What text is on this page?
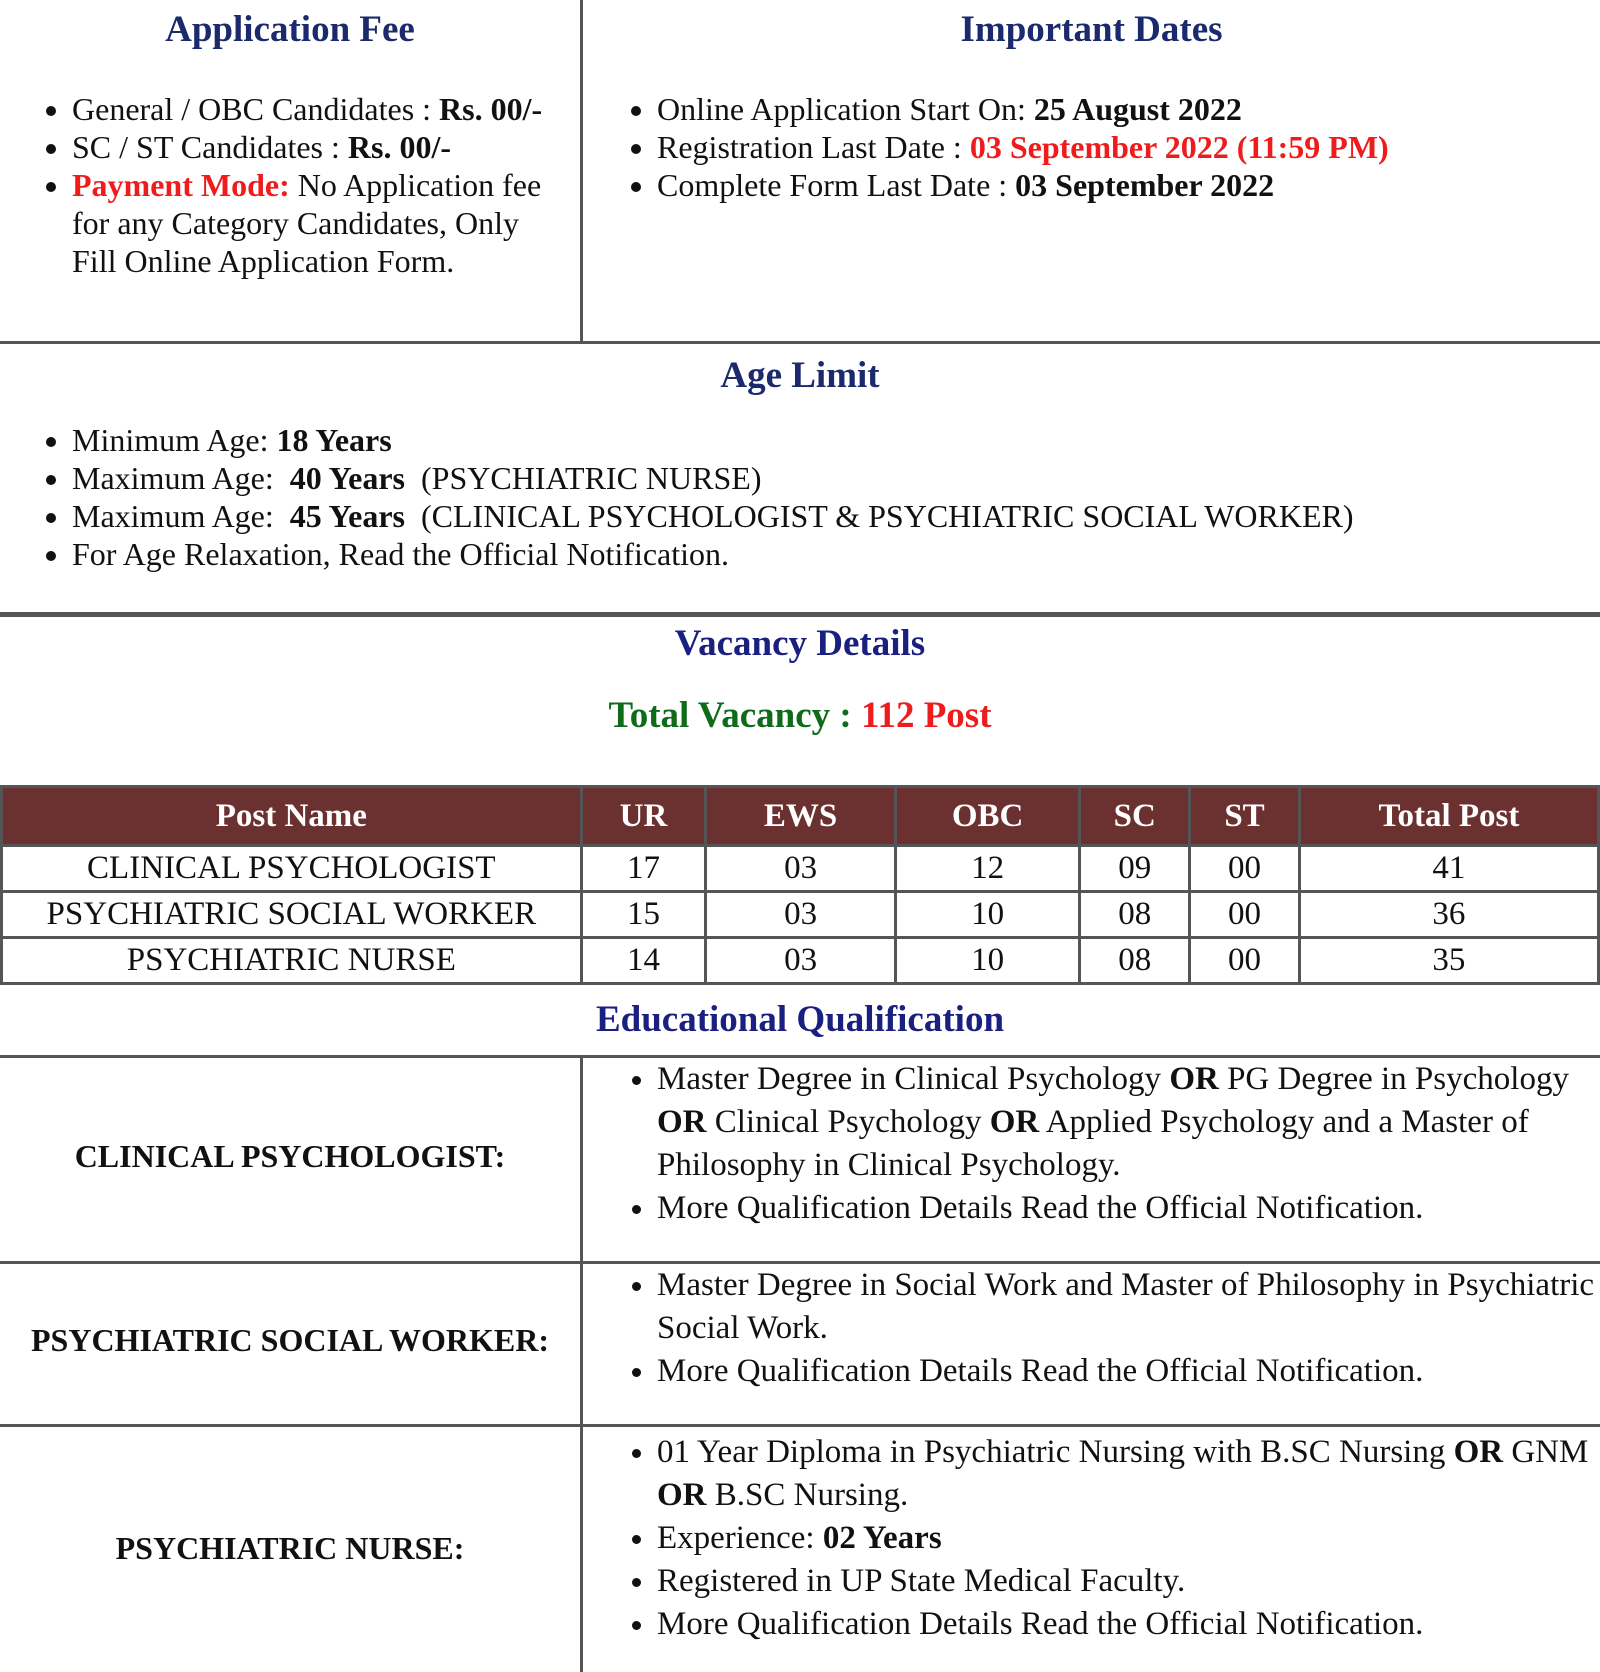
Application Fee
• General / OBC Candidates : Rs. 00/-
• SC / ST Candidates : Rs. 00/-
• Payment Mode: No Application fee for any Category Candidates, Only Fill Online Application Form.
Important Dates
• Online Application Start On: 25 August 2022
• Registration Last Date : 03 September 2022 (11:59 PM)
• Complete Form Last Date : 03 September 2022
Age Limit
• Minimum Age: 18 Years
• Maximum Age: 40 Years (PSYCHIATRIC NURSE)
• Maximum Age: 45 Years (CLINICAL PSYCHOLOGIST & PSYCHIATRIC SOCIAL WORKER)
• For Age Relaxation, Read the Official Notification.
Vacancy Details
Total Vacancy : 112 Post
Post Name	UR	EWS	OBC	SC	ST	Total Post
CLINICAL PSYCHOLOGIST	17	03	12	09	00	41
PSYCHIATRIC SOCIAL WORKER	15	03	10	08	00	36
PSYCHIATRIC NURSE	14	03	10	08	00	35
Educational Qualification
CLINICAL PSYCHOLOGIST:
• Master Degree in Clinical Psychology OR PG Degree in Psychology OR Clinical Psychology OR Applied Psychology and a Master of Philosophy in Clinical Psychology.
• More Qualification Details Read the Official Notification.
PSYCHIATRIC SOCIAL WORKER:
• Master Degree in Social Work and Master of Philosophy in Psychiatric Social Work.
• More Qualification Details Read the Official Notification.
PSYCHIATRIC NURSE:
• 01 Year Diploma in Psychiatric Nursing with B.SC Nursing OR GNM OR B.SC Nursing.
• Experience: 02 Years
• Registered in UP State Medical Faculty.
• More Qualification Details Read the Official Notification.
